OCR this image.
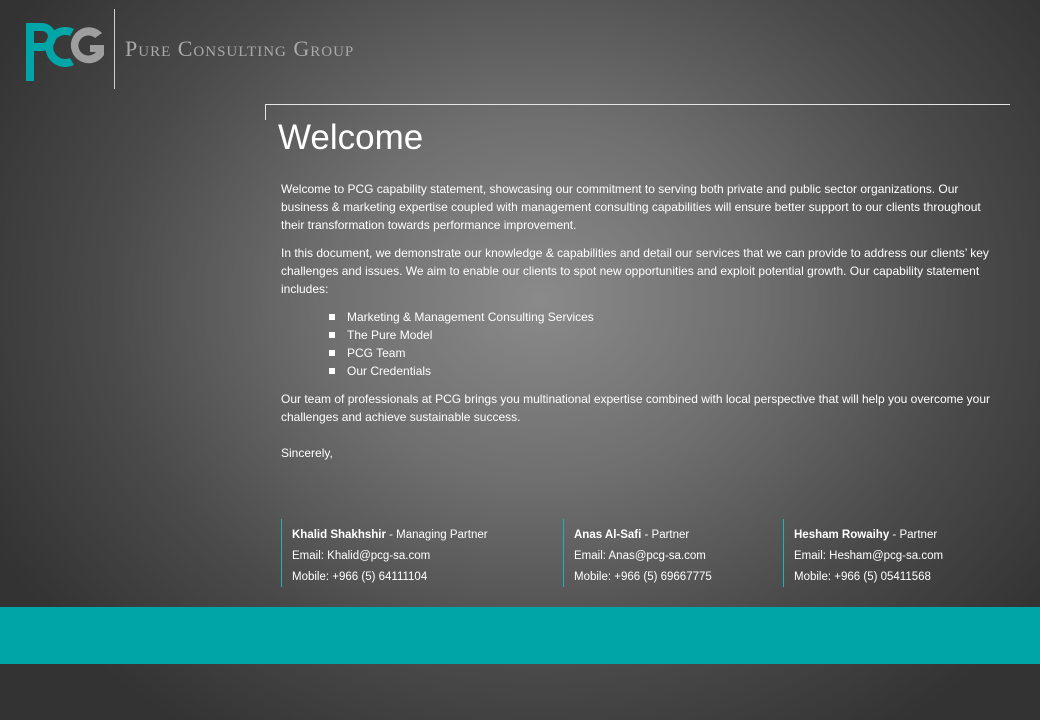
Pure Consulting Group
Welcome

Welcome to PCG capability statement, showcasing our commitment to serving both private and public sector organizations. Our business & marketing expertise coupled with management consulting capabilities will ensure better support to our clients throughout their transformation towards performance improvement.

In this document, we demonstrate our knowledge & capabilities and detail our services that we can provide to address our clients’ key challenges and issues. We aim to enable our clients to spot new opportunities and exploit potential growth. Our capability statement includes:

Marketing & Management Consulting Services
The Pure Model
PCG Team
Our Credentials

Our team of professionals at PCG brings you multinational expertise combined with local perspective that will help you overcome your challenges and achieve sustainable success.

Sincerely,

Khalid Shakhshir - Managing Partner
Email: Khalid@pcg-sa.com
Mobile: +966 (5) 64111104
Anas Al-Safi - Partner
Email: Anas@pcg-sa.com
Mobile: +966 (5) 69667775
Hesham Rowaihy - Partner
Email: Hesham@pcg-sa.com
Mobile: +966 (5) 05411568
